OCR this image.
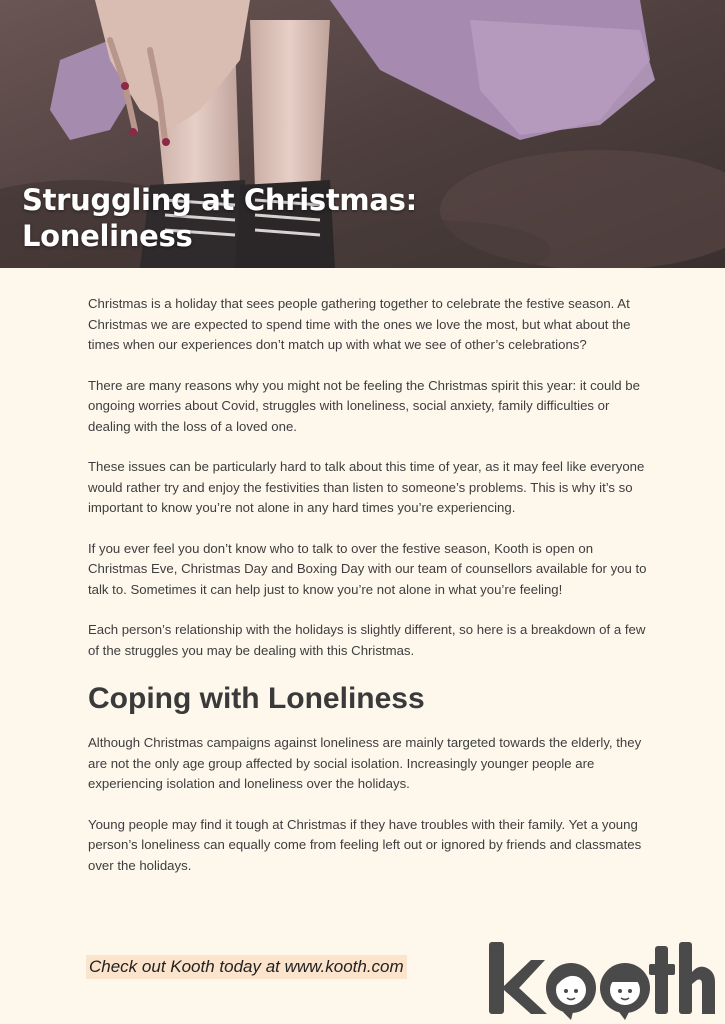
Struggling at Christmas:
Loneliness

Christmas is a holiday that sees people gathering together to celebrate the festive season. At Christmas we are expected to spend time with the ones we love the most, but what about the times when our experiences don’t match up with what we see of other’s celebrations?

There are many reasons why you might not be feeling the Christmas spirit this year: it could be ongoing worries about Covid, struggles with loneliness, social anxiety, family difficulties or dealing with the loss of a loved one.

These issues can be particularly hard to talk about this time of year, as it may feel like everyone would rather try and enjoy the festivities than listen to someone’s problems. This is why it’s so important to know you’re not alone in any hard times you’re experiencing.

If you ever feel you don’t know who to talk to over the festive season, Kooth is open on Christmas Eve, Christmas Day and Boxing Day with our team of counsellors available for you to talk to. Sometimes it can help just to know you’re not alone in what you’re feeling!

Each person’s relationship with the holidays is slightly different, so here is a breakdown of a few of the struggles you may be dealing with this Christmas.

Coping with Loneliness

Although Christmas campaigns against loneliness are mainly targeted towards the elderly, they are not the only age group affected by social isolation. Increasingly younger people are experiencing isolation and loneliness over the holidays.

Young people may find it tough at Christmas if they have troubles with their family. Yet a young person’s loneliness can equally come from feeling left out or ignored by friends and classmates over the holidays.

Check out Kooth today at www.kooth.com
